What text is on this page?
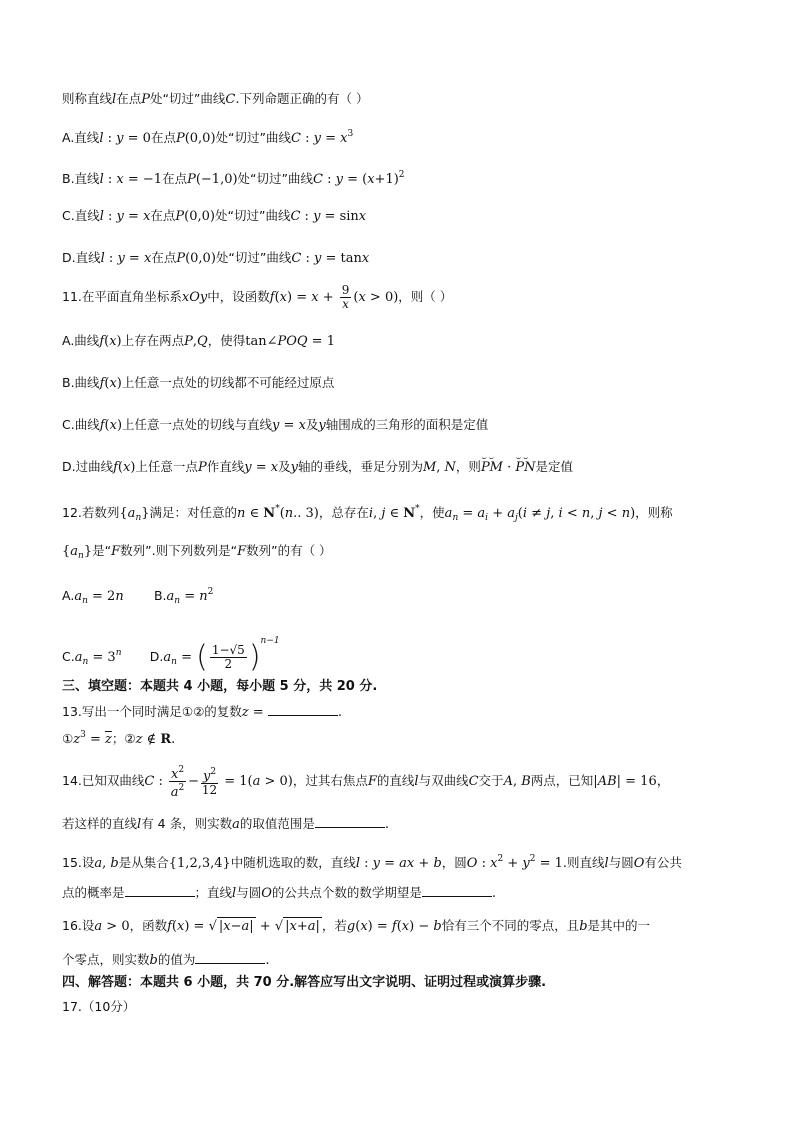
则称直线l在点P处“切过”曲线C.下列命题正确的有（ ）
A.直线l : y = 0在点P(0,0)处“切过”曲线C : $y = x^3$
B.直线l : x = −1在点P(−1,0)处“切过”曲线C : $y = (x+1)^2$
C.直线l : y = x在点P(0,0)处“切过”曲线C : y = sinx
D.直线l : y = x在点P(0,0)处“切过”曲线C : y = tanx
11.在平面直角坐标系xOy中，设函数$f(x) = x + \frac{9}{x} (x > 0)$，则（ ）
A.曲线f(x)上存在两点P,Q，使得tan∠POQ = 1
B.曲线f(x)上任意一点处的切线都不可能经过原点
C.曲线f(x)上任意一点处的切线与直线y = x及y轴围成的三角形的面积是定值
D.过曲线f(x)上任意一点P作直线y = x及y轴的垂线，垂足分别为M, N，则⌣⌣ PM · ⌣⌣ PN是定值
12.若数列$\{a_n\}$满足：对任意的n ∈ N*(n.. 3)，总存在i, j ∈ N*，使$a_n = a_i + a_j(i \ne j$, i < n, j < n)，则称
$\{a_n\}$是“F数列”.则下列数列是“F数列”的有（ ）
$A.a_n = 2n$ $B.a_n = n^2$
$C.a_n = 3^n$ $D.a_n$ = ( $\frac{1-√5}{2} )^{n-1}$
三、填空题：本题共 4 小题，每小题 5 分，共 20 分.
13.写出一个同时满足①②的复数z =	.
$①z^3 = \overline{z}$；②z ∉ R.
14.已知双曲线C : $\frac{x^2}{a^2} - \frac{y^2}{12} = 1(a > 0)$，过其右焦点F的直线l与双曲线C交于A, B两点，已知|AB| = 16，
若这样的直线l有 4 条，则实数a的取值范围是	.
15.设a, b是从集合{1,2,3,4}中随机选取的数，直线l : y = ax + b，圆O : $x^2 + y^2 = 1$.则直线l与圆O有公共
点的概率是	；直线l与圆O的公共点个数的数学期望是	.
16.设a > 0，函数f(x) = √ |x−a| + √ |x+a| ，若g(x) = f(x) − b恰有三个不同的零点，且b是其中的一
个零点，则实数b的值为	.
四、解答题：本题共 6 小题，共 70 分.解答应写出文字说明、证明过程或演算步骤.
17.（10分）
